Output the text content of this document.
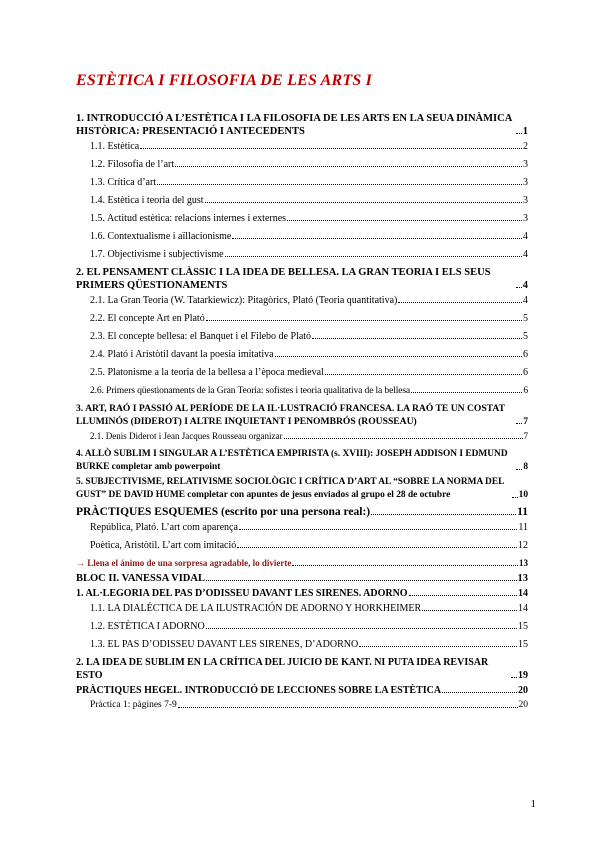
ESTÈTICA I FILOSOFIA DE LES ARTS I
1. INTRODUCCIÓ A L’ESTÈTICA I LA FILOSOFIA DE LES ARTS EN LA SEUA DINÀMICA HISTÒRICA: PRESENTACIÓ I ANTECEDENTS	1
1.1. Estètica	2
1.2. Filosofia de l’art	3
1.3. Crítica d’art	3
1.4. Estètica i teoria del gust	3
1.5. Actitud estètica: relacions internes i externes	3
1.6. Contextualisme i aïllacionisme	4
1.7. Objectivisme i subjectivisme	4
2. EL PENSAMENT CLÀSSIC I LA IDEA DE BELLESA. LA GRAN TEORIA I ELS SEUS PRIMERS QÜESTIONAMENTS	4
2.1. La Gran Teoria (W. Tatarkiewicz): Pitagòrics, Plató (Teoria quantitativa)	4
2.2. El concepte Art en Plató	5
2.3. El concepte bellesa: el Banquet i el Filebo de Plató	5
2.4. Plató i Aristòtil davant la poesia imitativa	6
2.5. Platonisme a la teoria de la bellesa a l’època medieval	6
2.6. Primers qüestionaments de la Gran Teoria: sofistes i teoria qualitativa de la bellesa	6
3. ART, RAÓ I PASSIÓ AL PERÍODE DE LA IL·LUSTRACIÓ FRANCESA. LA RAÓ TE UN COSTAT LLUMINÓS (DIDEROT) I ALTRE INQUIETANT I PENOMBRÓS (ROUSSEAU)	7
2.1. Denis Diderot i Jean Jacques Rousseau organizar	7
4. ALLÒ SUBLIM I SINGULAR A L’ESTÈTICA EMPIRISTA (s. XVIII): JOSEPH ADDISON I EDMUND BURKE completar amb powerpoint	8
5. SUBJECTIVISME, RELATIVISME SOCIOLÒGIC I CRÍTICA D’ART AL “SOBRE LA NORMA DEL GUST” DE DAVID HUME completar con apuntes de jesus enviados al grupo el 28 de octubre	10
PRÀCTIQUES ESQUEMES (escrito por una persona real:)	11
República, Plató. L’art com aparença	11
Poètica, Aristòtil. L’art com imitació	12
→ Llena el ánimo de una sorpresa agradable, lo divierte	13
BLOC II. VANESSA VIDAL	13
1. AL·LEGORIA DEL PAS D’ODISSEU DAVANT LES SIRENES. ADORNO	14
1.1. LA DIALÉCTICA DE LA ILUSTRACIÓN DE ADORNO Y HORKHEIMER	14
1.2. ESTÈTICA I ADORNO	15
1.3. EL PAS D’ODISSEU DAVANT LES SIRENES, D’ADORNO	15
2. LA IDEA DE SUBLIM EN LA CRÍTICA DEL JUICIO DE KANT. NI PUTA IDEA REVISAR ESTO	19
PRÀCTIQUES HEGEL. INTRODUCCIÓ DE LECCIONES SOBRE LA ESTÈTICA	20
Pràctica 1: pàgines 7-9	20
1
